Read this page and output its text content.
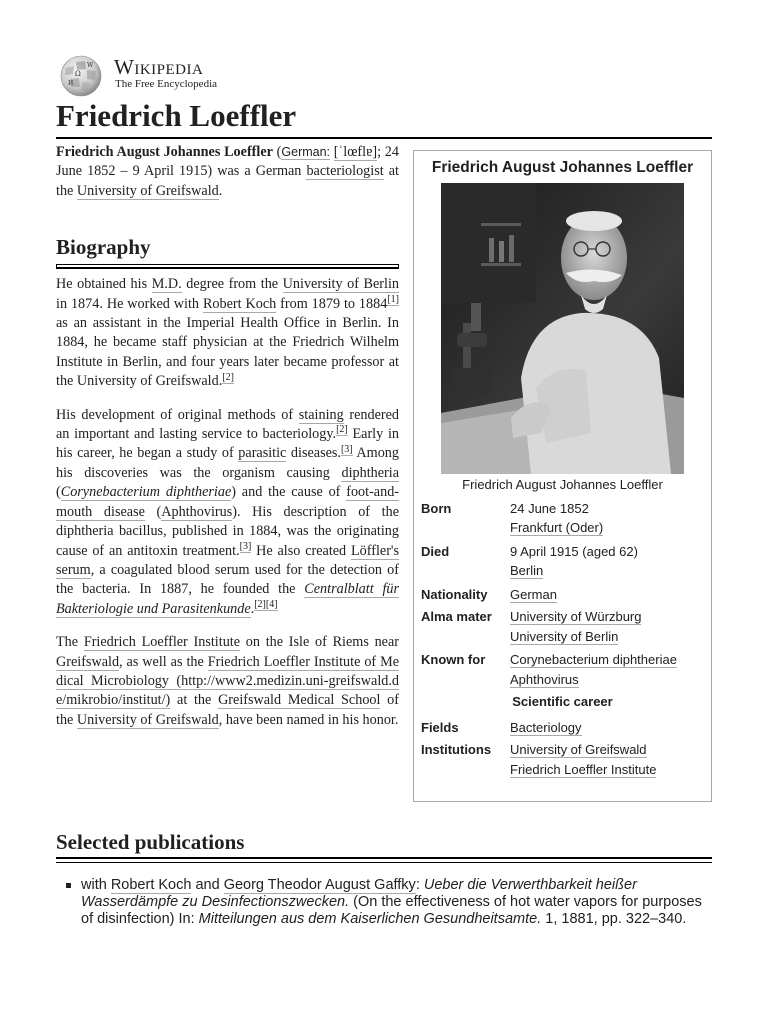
Ω
W
И
Wikipedia
The Free Encyclopedia
Friedrich Loeffler

Friedrich August Johannes Loeffler (German: [ˈlœflɐ]; 24 June 1852 – 9 April 1915) was a German bacteriologist at the University of Greifswald.

Biography

He obtained his M.D. degree from the University of Berlin in 1874. He worked with Robert Koch from 1879 to 1884[1] as an assistant in the Imperial Health Office in Berlin. In 1884, he became staff physician at the Friedrich Wilhelm Institute in Berlin, and four years later became professor at the University of Greifswald.[2]

His development of original methods of staining rendered an important and lasting service to bacteriology.[2] Early in his career, he began a study of parasitic diseases.[3] Among his discoveries was the organism causing diphtheria (Corynebacterium diphtheriae) and the cause of foot-and-mouth disease (Aphthovirus). His description of the diphtheria bacillus, published in 1884, was the originating cause of an antitoxin treatment.[3] He also created Löffler's serum, a coagulated blood serum used for the detection of the bacteria. In 1887, he founded the Centralblatt für Bakteriologie und Parasitenkunde.[2][4]

The Friedrich Loeffler Institute on the Isle of Riems near Greifswald, as well as the Friedrich Loeffler Institute of Medical Microbiology (http://www2.medizin.uni-greifswald.de/mikrobio/institut/) at the Greifswald Medical School of the University of Greifswald, have been named in his honor.

Friedrich August Johannes Loeffler
Friedrich August Johannes Loeffler
Born	24 June 1852
Frankfurt (Oder)
Died	9 April 1915 (aged 62)
Berlin
Nationality	German
Alma mater	University of Würzburg
University of Berlin
Known for	Corynebacterium diphtheriae
Aphthovirus
Scientific career
Fields	Bacteriology
Institutions	University of Greifswald
Friedrich Loeffler Institute
Selected publications
with Robert Koch and Georg Theodor August Gaffky: Ueber die Verwerthbarkeit heißer Wasserdämpfe zu Desinfectionszwecken. (On the effectiveness of hot water vapors for purposes of disinfection) In: Mitteilungen aus dem Kaiserlichen Gesundheitsamte. 1, 1881, pp. 322–340.
